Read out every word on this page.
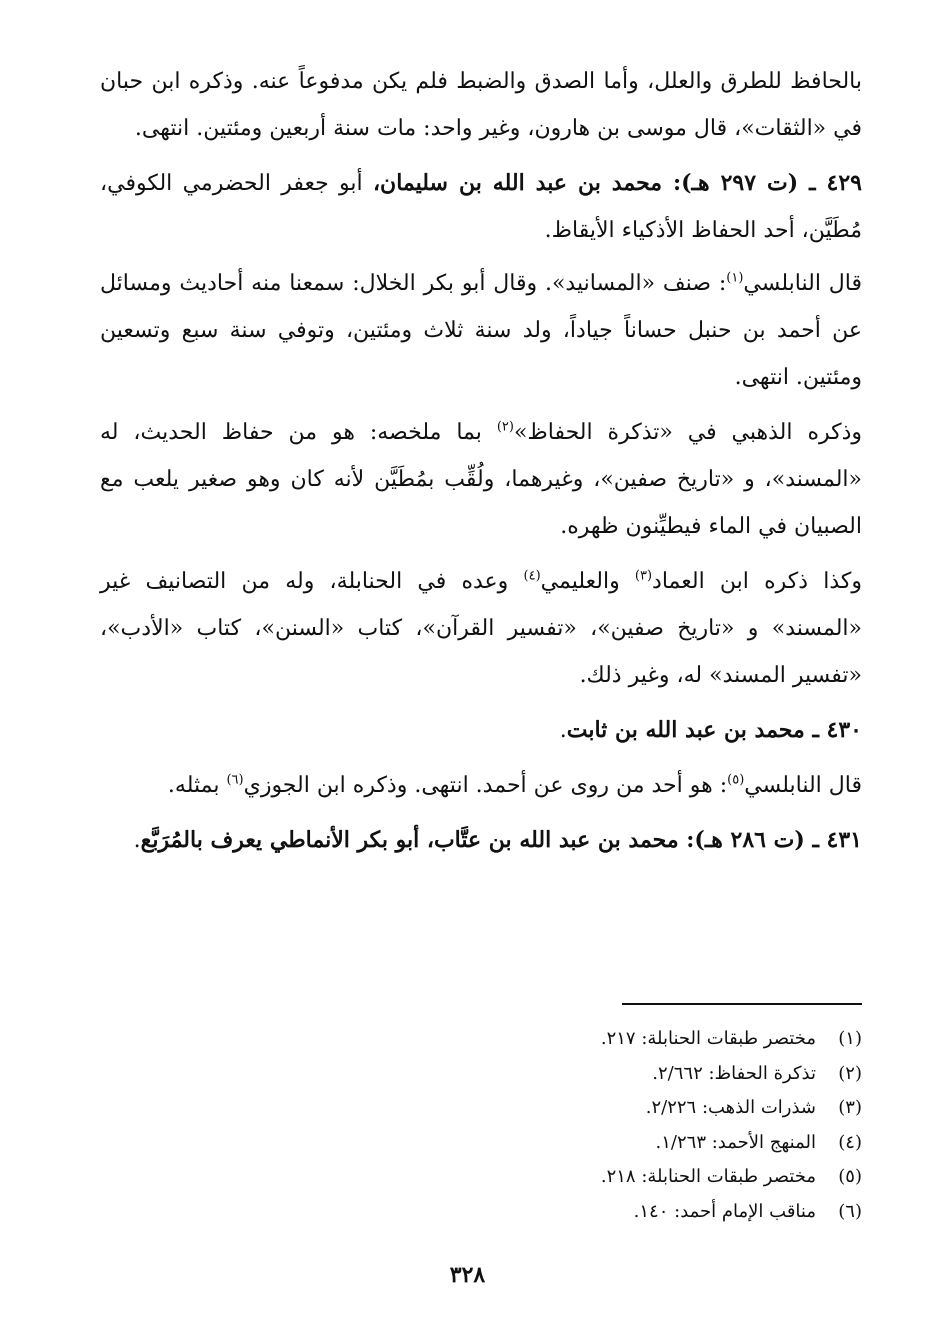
بالحافظ للطرق والعلل، وأما الصدق والضبط فلم يكن مدفوعاً عنه. وذكره ابن حبان في «الثقات»، قال موسى بن هارون، وغير واحد: مات سنة أربعين ومئتين. انتهى.

٤٢٩ ـ (ت ٢٩٧ هـ): محمد بن عبد الله بن سليمان، أبو جعفر الحضرمي الكوفي، مُطَيَّن، أحد الحفاظ الأذكياء الأيقاظ.

قال النابلسي$^{(١)}$: صنف «المسانيد». وقال أبو بكر الخلال: سمعنا منه أحاديث ومسائل عن أحمد بن حنبل حساناً جياداً، ولد سنة ثلاث ومئتين، وتوفي سنة سبع وتسعين ومئتين. انتهى.

وذكره الذهبي في «تذكرة الحفاظ»$^{(٢)}$ بما ملخصه: هو من حفاظ الحديث، له «المسند»، و «تاريخ صفين»، وغيرهما، ولُقِّب بمُطَيَّن لأنه كان وهو صغير يلعب مع الصبيان في الماء فيطيِّنون ظهره.

وكذا ذكره ابن العماد$^{(٣)}$ والعليمي$^{(٤)}$ وعده في الحنابلة، وله من التصانيف غير «المسند» و «تاريخ صفين»، «تفسير القرآن»، كتاب «السنن»، كتاب «الأدب»، «تفسير المسند» له، وغير ذلك.

٤٣٠ ـ محمد بن عبد الله بن ثابت.

قال النابلسي$^{(٥)}$: هو أحد من روى عن أحمد. انتهى. وذكره ابن الجوزي$^{(٦)}$ بمثله.

٤٣١ ـ (ت ٢٨٦ هـ): محمد بن عبد الله بن عتَّاب، أبو بكر الأنماطي يعرف بالمُرَبَّع.

(١)مختصر طبقات الحنابلة: ٢١٧.
(٢)تذكرة الحفاظ: ٢/٦٦٢.
(٣)شذرات الذهب: ٢/٢٢٦.
(٤)المنهج الأحمد: ١/٢٦٣.
(٥)مختصر طبقات الحنابلة: ٢١٨.
(٦)مناقب الإمام أحمد: ١٤٠.
٣٢٨
